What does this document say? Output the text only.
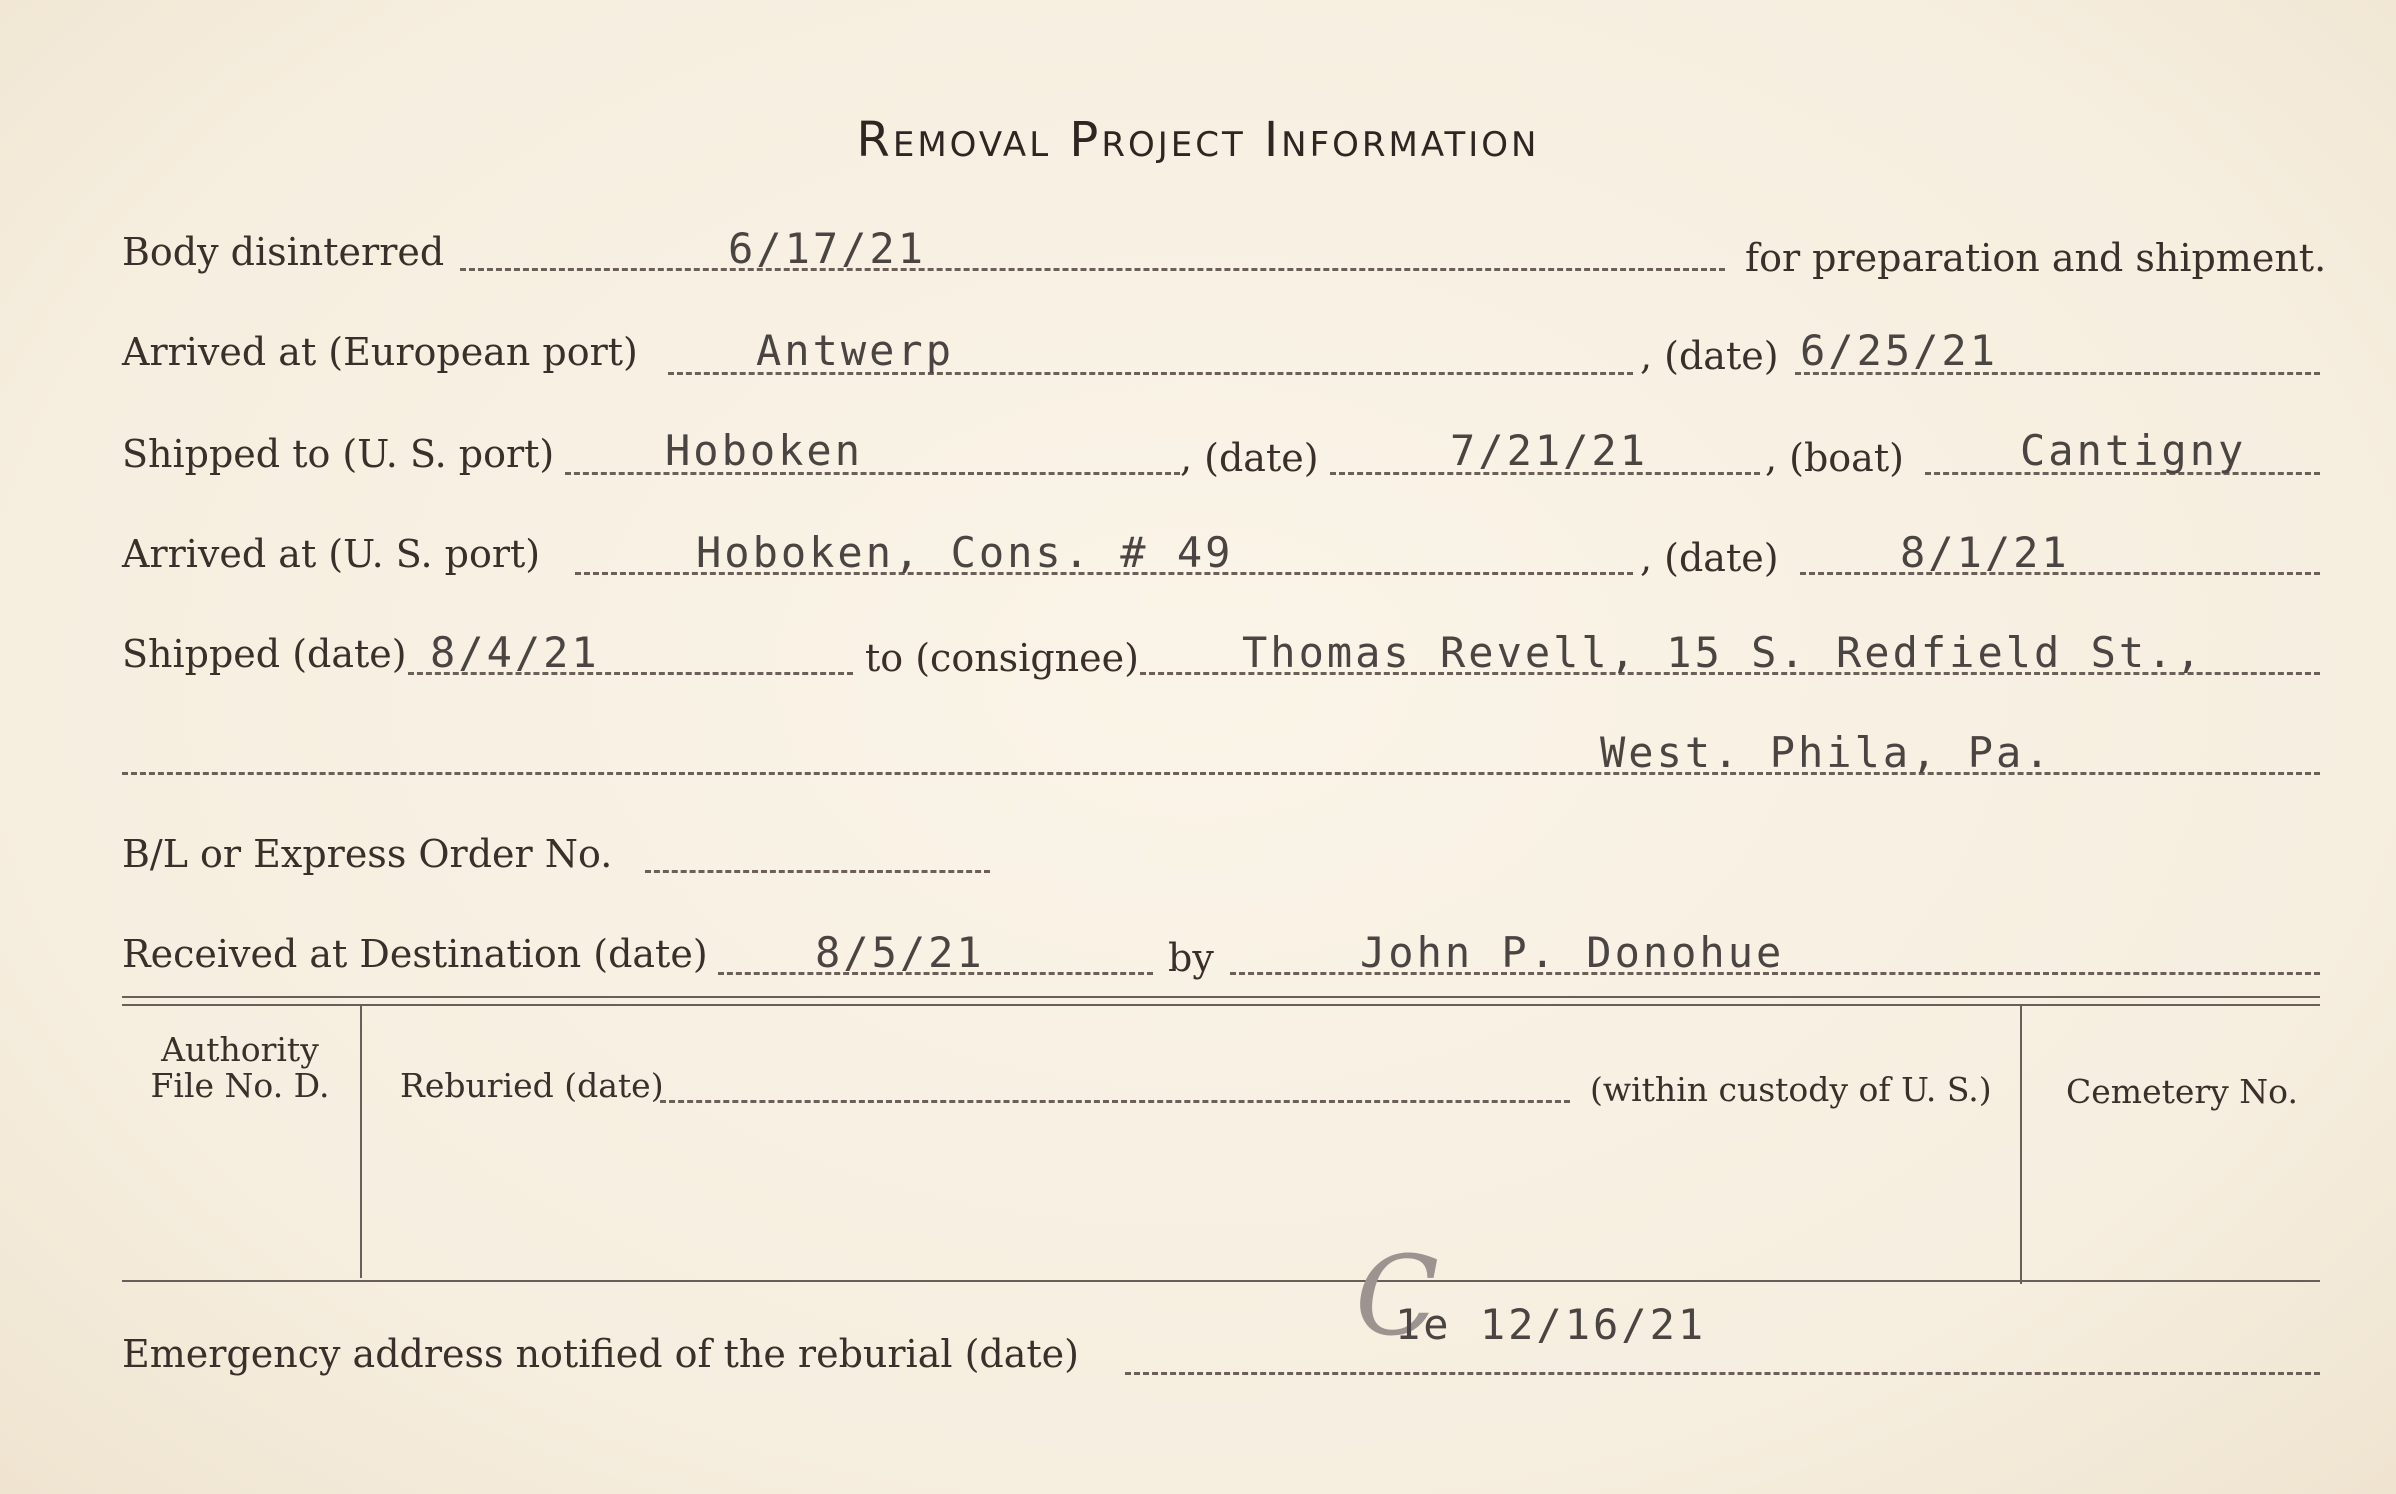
Removal Project Information
Body disinterred	6/17/21	for preparation and shipment.
Arrived at (European port)	Antwerp	, (date) 6/25/21
Shipped to (U. S. port)	Hoboken	, (date)	7/21/21	, (boat)	Cantigny
Arrived at (U. S. port)	Hoboken, Cons. # 49	, (date)	8/1/21
Shipped (date) 8/4/21	to (consignee) Thomas Revell, 15 S. Redfield St.,
West. Phila, Pa.
B/L or Express Order No.
Received at Destination (date)	8/5/21	by	John P. Donohue
Authority
File No. D.	Reburied (date)	(within custody of U. S.) Cemetery No.
Emergency address notified of the reburial (date)	C
1e 12/16/21
